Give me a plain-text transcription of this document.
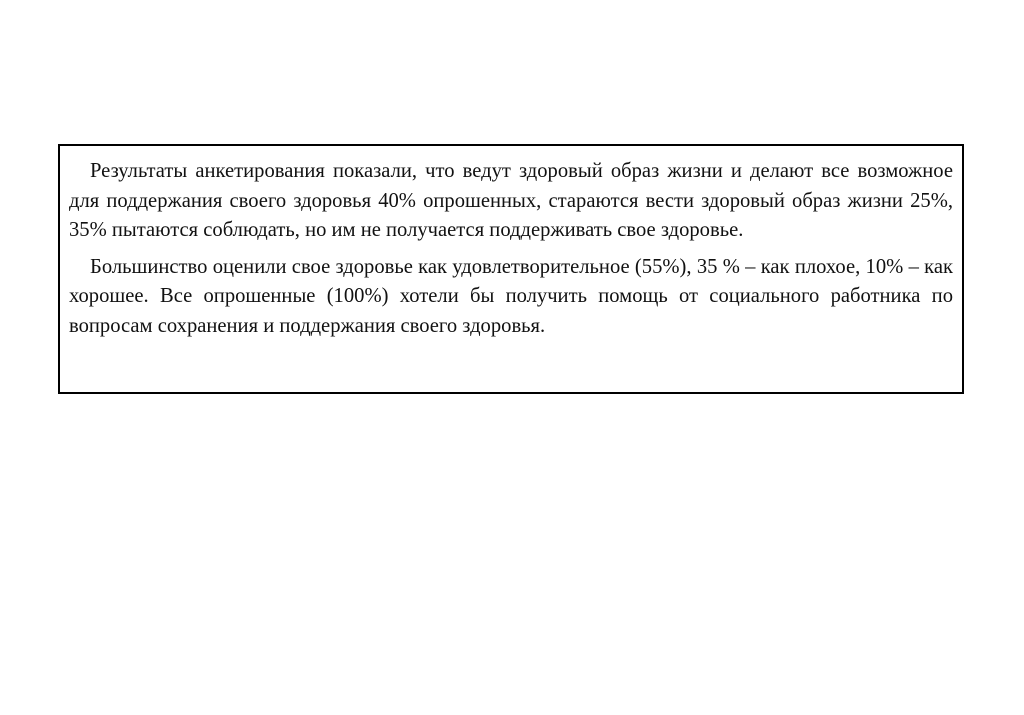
Результаты анкетирования показали, что ведут здоровый образ жизни и делают все возможное для поддержания своего здоровья 40% опрошенных, стараются вести здоровый образ жизни 25%, 35% пытаются соблюдать, но им не получается поддерживать свое здоровье.

Большинство оценили свое здоровье как удовлетворительное (55%), 35 % – как плохое, 10% – как хорошее. Все опрошенные (100%) хотели бы получить помощь от социального работника по вопросам сохранения и поддержания своего здоровья.
